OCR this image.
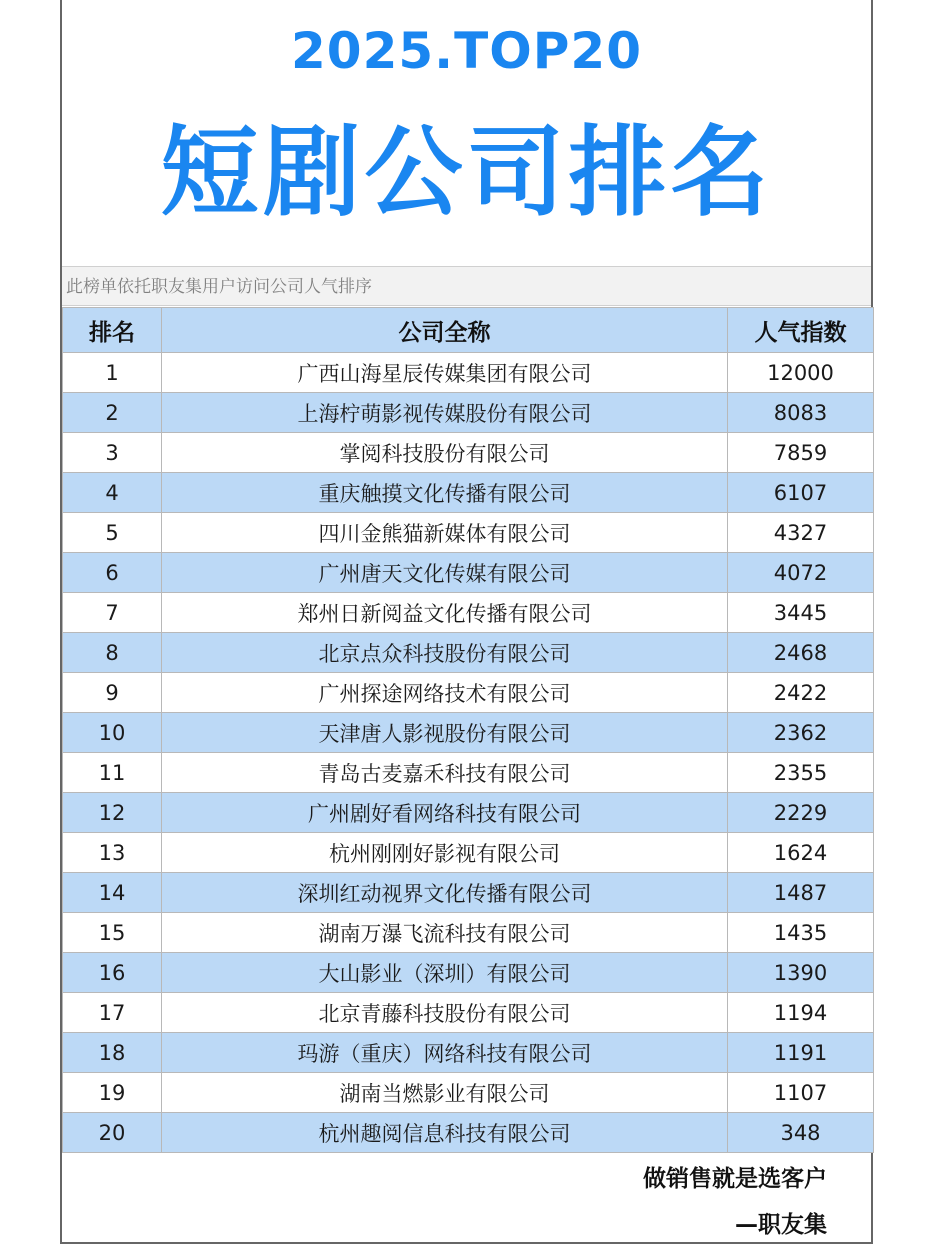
2025.TOP20
短剧公司排名
此榜单依托职友集用户访问公司人气排序
排名	公司全称	人气指数
1	广西山海星辰传媒集团有限公司	12000
2	上海柠萌影视传媒股份有限公司	8083
3	掌阅科技股份有限公司	7859
4	重庆触摸文化传播有限公司	6107
5	四川金熊猫新媒体有限公司	4327
6	广州唐天文化传媒有限公司	4072
7	郑州日新阅益文化传播有限公司	3445
8	北京点众科技股份有限公司	2468
9	广州探途网络技术有限公司	2422
10	天津唐人影视股份有限公司	2362
11	青岛古麦嘉禾科技有限公司	2355
12	广州剧好看网络科技有限公司	2229
13	杭州刚刚好影视有限公司	1624
14	深圳红动视界文化传播有限公司	1487
15	湖南万瀑飞流科技有限公司	1435
16	大山影业（深圳）有限公司	1390
17	北京青藤科技股份有限公司	1194
18	玛游（重庆）网络科技有限公司	1191
19	湖南当燃影业有限公司	1107
20	杭州趣阅信息科技有限公司	348
做销售就是选客户
—职友集
